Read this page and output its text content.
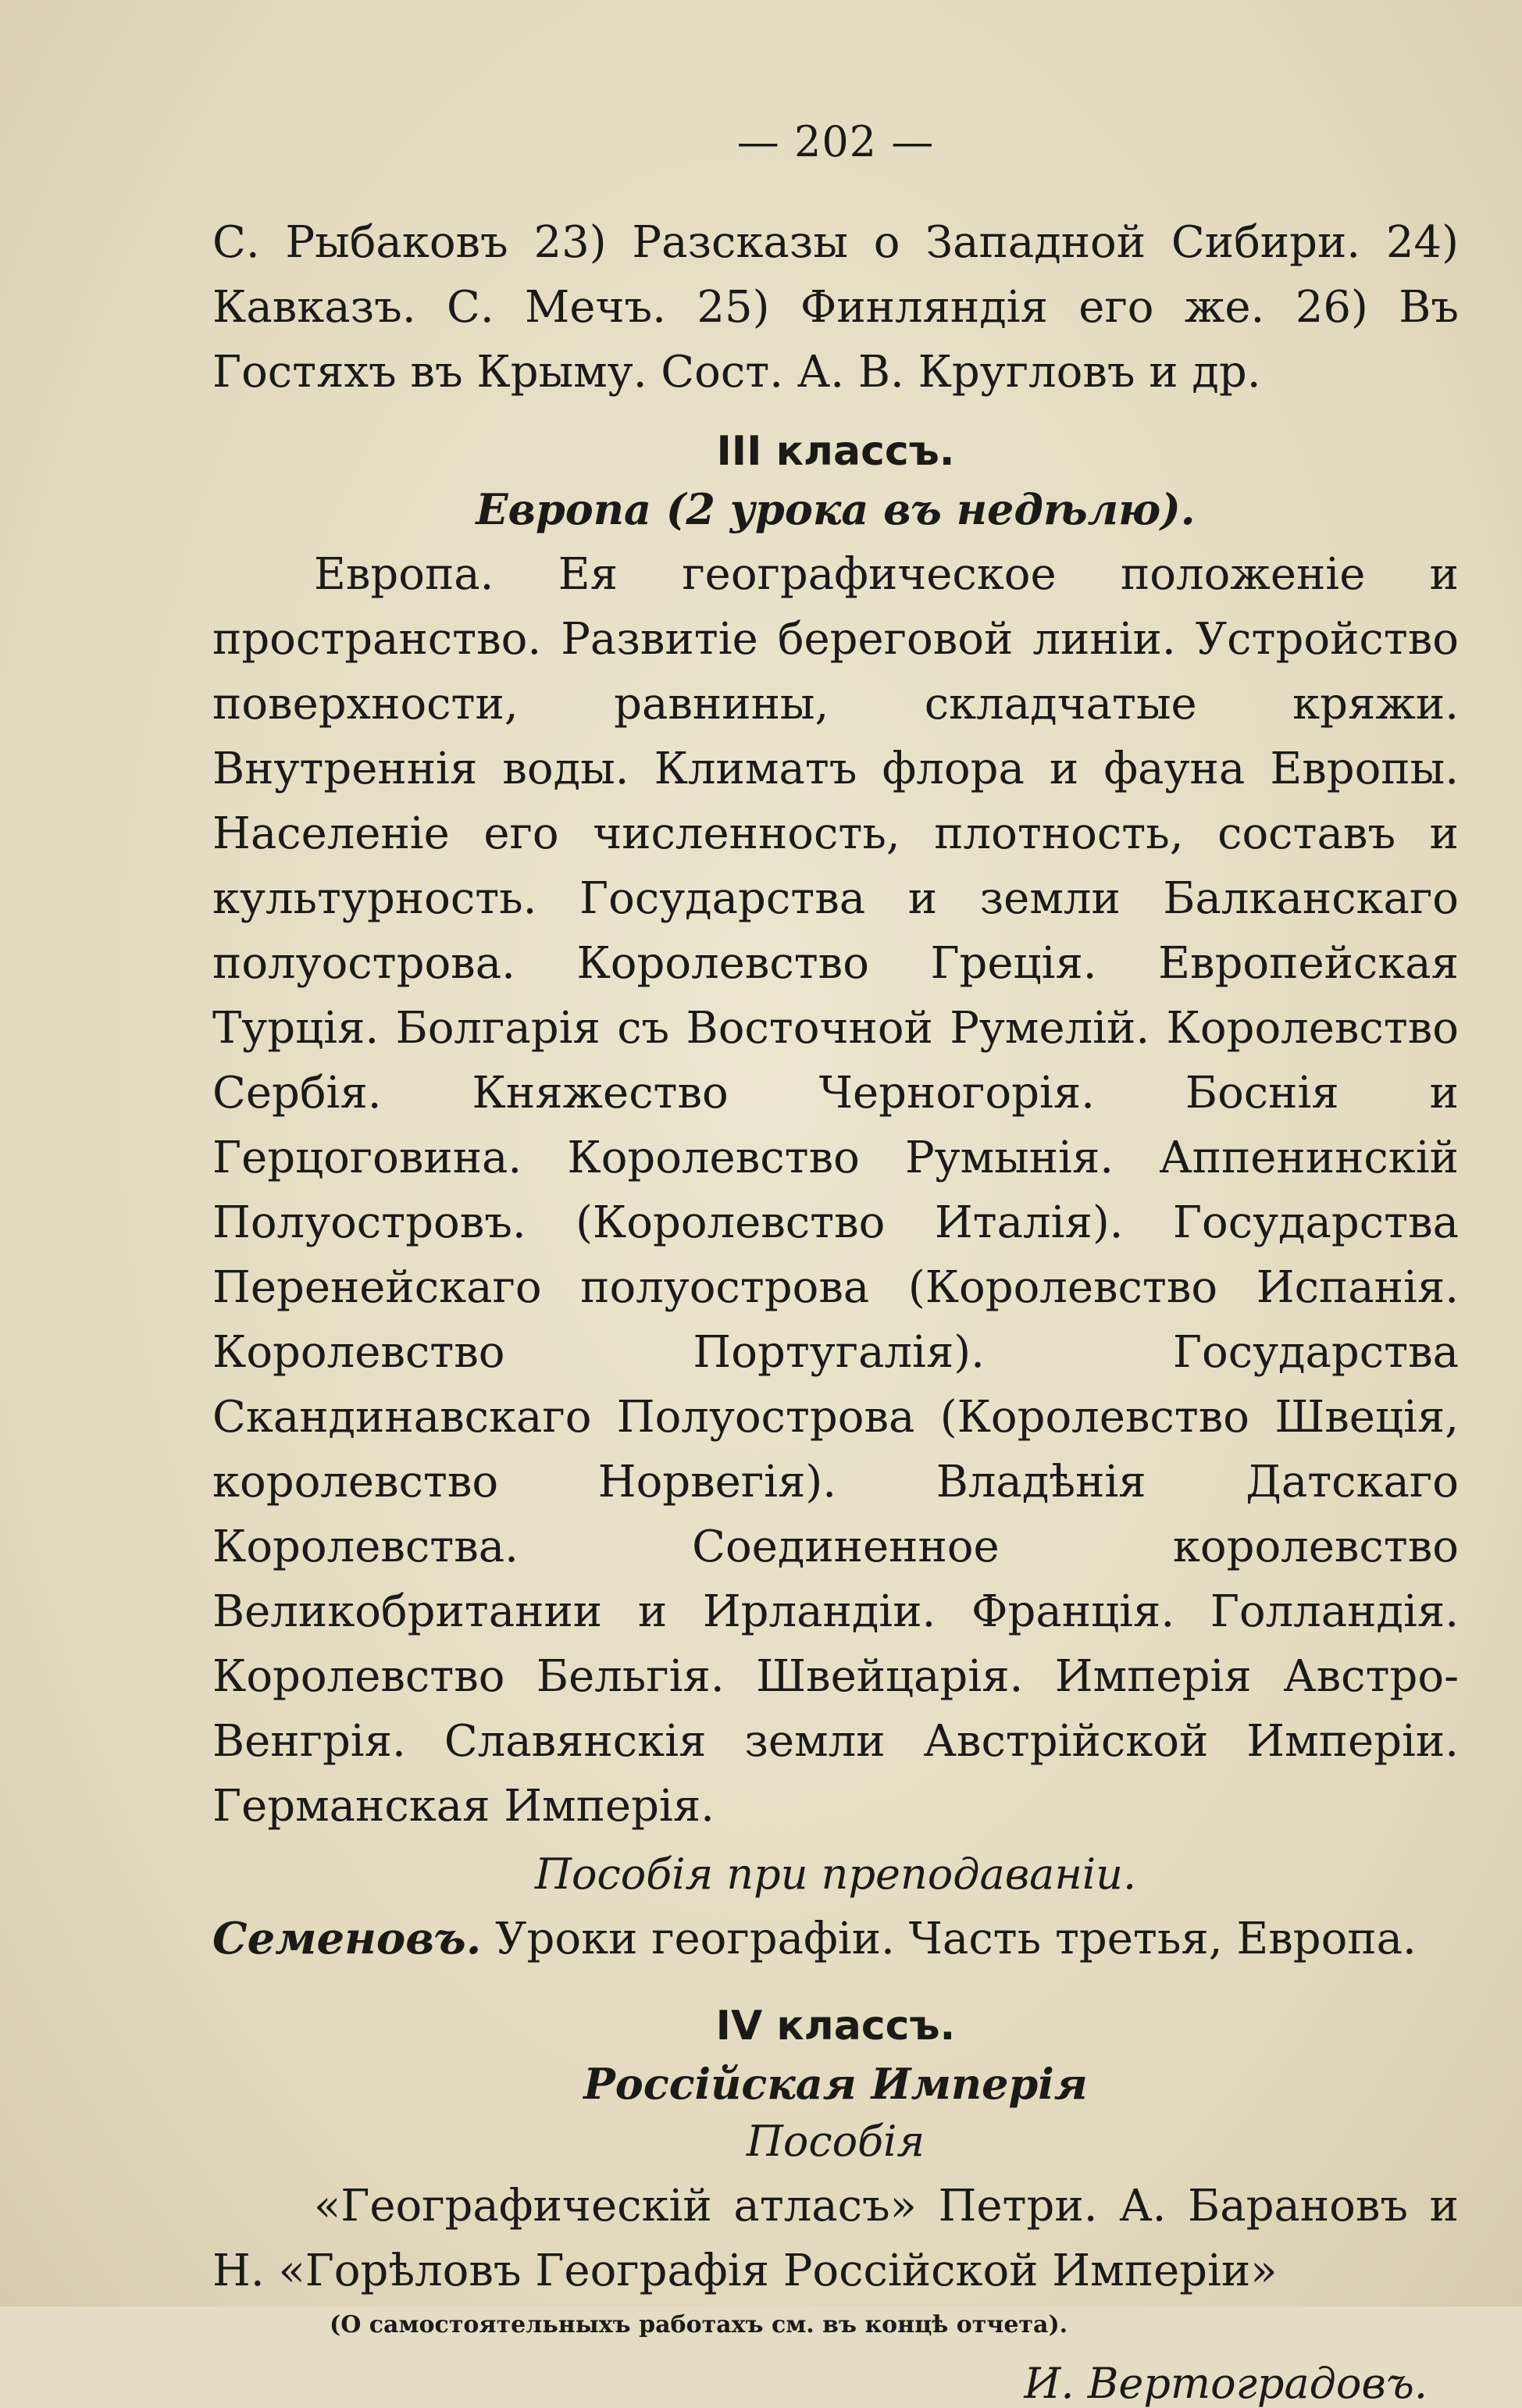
— 202 —

С. Рыбаковъ 23) Разсказы о Западной Сибири. 24) Кавказъ. С. Мечъ. 25) Финляндія его же. 26) Въ Гостяхъ въ Крыму. Сост. А. В. Кругловъ и др.

III классъ.
Европа (2 урока въ недѣлю).

Европа. Ея географическое положеніе и пространство. Развитіе береговой линіи. Устройство поверхности, равнины, складчатые кряжи. Внутреннія воды. Климатъ флора и фауна Европы. Населеніе его численность, плотность, составъ и культурность. Государства и земли Балканскаго полуострова. Королевство Греція. Европейская Турція. Болгарія съ Восточной Румелій. Королевство Сербія. Княжество Черногорія. Боснія и Герцоговина. Королевство Румынія. Аппенинскій Полуостровъ. (Королевство Италія). Государства Перенейскаго полуострова (Королевство Испанія. Королевство Португалія). Государства Скандинавскаго Полуострова (Королевство Швеція, королевство Норвегія). Владѣнія Датскаго Королевства. Соединенное королевство Великобритании и Ирландіи. Франція. Голландія. Королевство Бельгія. Швейцарія. Имперія Австро-Венгрія. Славянскія земли Австрійской Имперіи. Германская Имперія.

Пособія при преподаваніи.

Семеновъ. Уроки географіи. Часть третья, Европа.

IV классъ.
Россійская Имперія
Пособія

«Географическій атласъ» Петри. А. Барановъ и Н. «Горѣловъ Географія Россійской Имперіи»

(О самостоятельныхъ работахъ см. въ концѣ отчета).
И. Вертоградовъ.
